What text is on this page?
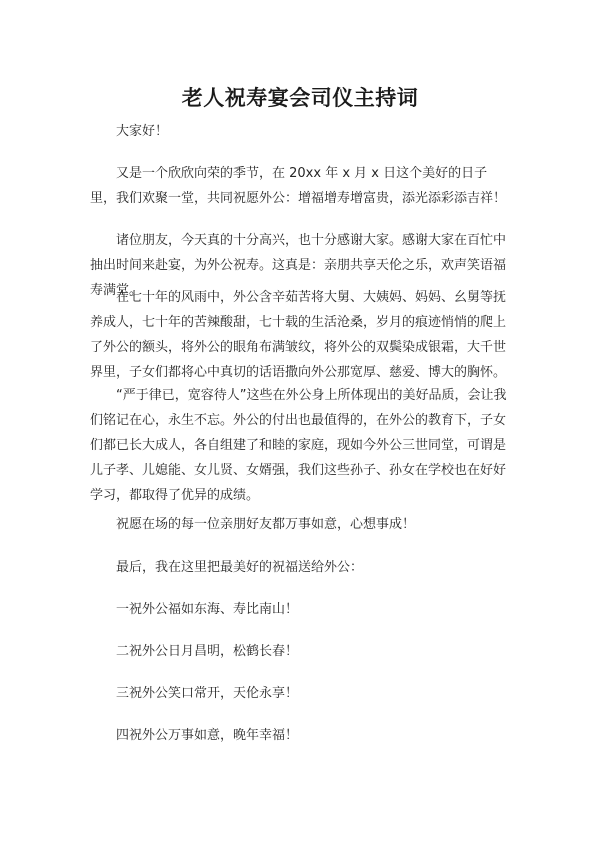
老人祝寿宴会司仪主持词

大家好！

又是一个欣欣向荣的季节，在 20xx 年 x 月 x 日这个美好的日子里，我们欢聚一堂，共同祝愿外公：增福增寿增富贵，添光添彩添吉祥！

诸位朋友，今天真的十分高兴，也十分感谢大家。感谢大家在百忙中抽出时间来赴宴，为外公祝寿。这真是：亲朋共享天伦之乐，欢声笑语福寿满堂。

在七十年的风雨中，外公含辛茹苦将大舅、大姨妈、妈妈、幺舅等抚养成人，七十年的苦辣酸甜，七十载的生活沧桑，岁月的痕迹悄悄的爬上了外公的额头，将外公的眼角布满皱纹，将外公的双鬓染成银霜，大千世界里，子女们都将心中真切的话语撒向外公那宽厚、慈爱、博大的胸怀。

“严于律已，宽容待人”这些在外公身上所体现出的美好品质，会让我们铭记在心，永生不忘。外公的付出也最值得的，在外公的教育下，子女们都已长大成人，各自组建了和睦的家庭，现如今外公三世同堂，可谓是儿子孝、儿媳能、女儿贤、女婿强，我们这些孙子、孙女在学校也在好好学习，都取得了优异的成绩。

祝愿在场的每一位亲朋好友都万事如意，心想事成！

最后，我在这里把最美好的祝福送给外公：

一祝外公福如东海、寿比南山！

二祝外公日月昌明，松鹤长春！

三祝外公笑口常开，天伦永享！

四祝外公万事如意，晚年幸福！
